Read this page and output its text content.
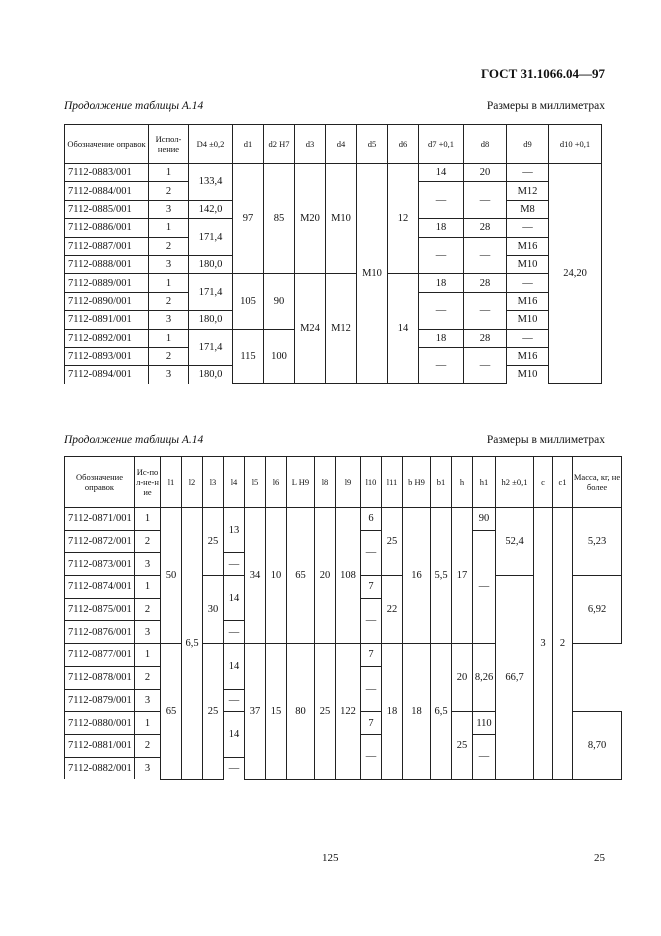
ГОСТ 31.1066.04—97
Продолжение таблицы А.14	Размеры в миллиметрах
Обозначение оправок	Испол-нение	D4 ±0,2	d1	d2 H7	d3	d4	d5	d6	d7 +0,1	d8	d9	d10 +0,1
7112-0883/001	1	133,4	97	85	M20	M10	M10	12	14	20	—	24,20
7112-0884/001	2								—	—	M12	
7112-0885/001	3	142,0									M8	
7112-0886/001	1	171,4							18	28	—	
7112-0887/001	2								—	—	M16	
7112-0888/001	3	180,0									M10	
7112-0889/001	1	171,4	105	90	M24	M12		14	18	28	—	
7112-0890/001	2								—	—	M16	
7112-0891/001	3	180,0									M10	
7112-0892/001	1	171,4	115	100					18	28	—	
7112-0893/001	2								—	—	M16	
7112-0894/001	3	180,0									M10	
Продолжение таблицы А.14	Размеры в миллиметрах
Обозначение оправок	Ис-пол-не-ние	l1	l2	l3	l4	l5	l6	L H9	l8	l9	l10	l11	b H9	b1	h	h1	h2 ±0,1	c	c1	Масса, кг, не более
7112-0871/001	1	50	6,5	25	13	34	10	65	20	108	6	25	16	5,5	17	90	52,4	3	2	5,23
7112-0872/001	2										—					—				
7112-0873/001	3				—															
7112-0874/001	1			30	14						7	22					66,7			6,92
7112-0875/001	2										—									
7112-0876/001	3				—															
7112-0877/001	1	65		25	14	37	15	80	25	122	7	18	18	6,5	20	8,26				
7112-0878/001	2										—									
7112-0879/001	3				—															
7112-0880/001	1				14						7				25	110				8,70
7112-0881/001	2										—					—				
7112-0882/001	3				—															
125	25
